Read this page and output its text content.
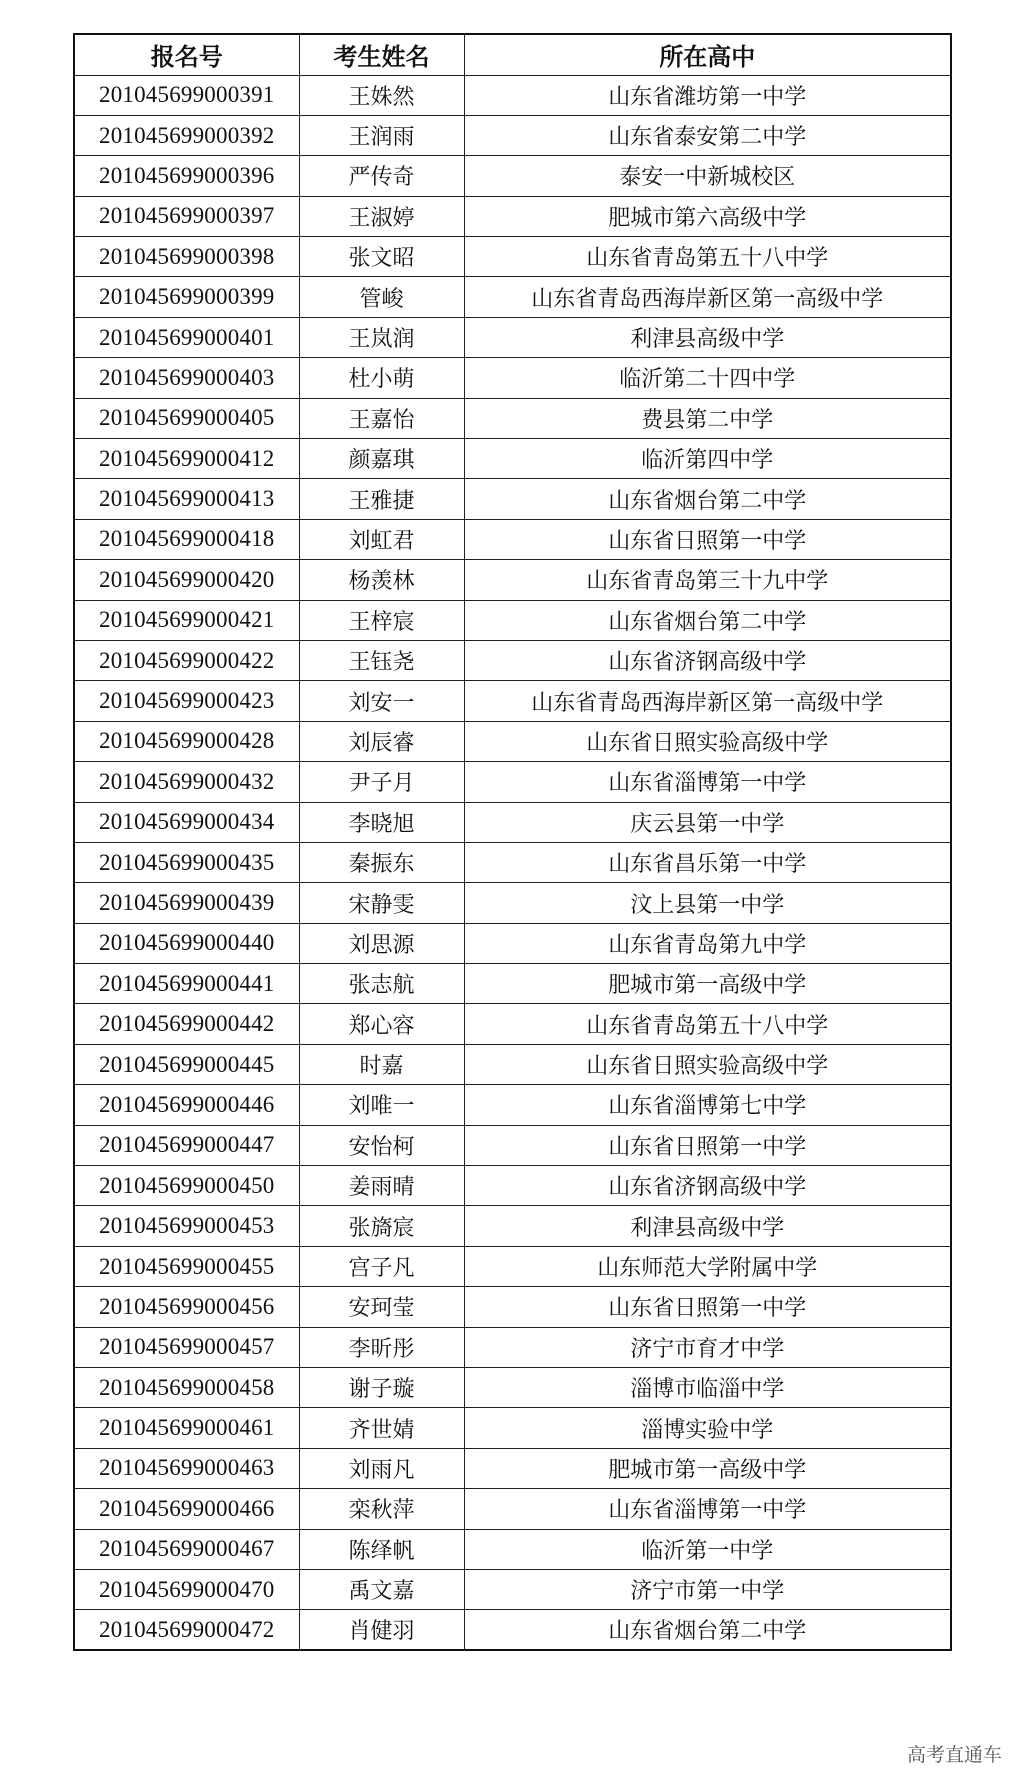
报名号	考生姓名	所在高中
201045699000391	王姝然	山东省潍坊第一中学
201045699000392	王润雨	山东省泰安第二中学
201045699000396	严传奇	泰安一中新城校区
201045699000397	王淑婷	肥城市第六高级中学
201045699000398	张文昭	山东省青岛第五十八中学
201045699000399	管峻	山东省青岛西海岸新区第一高级中学
201045699000401	王岚润	利津县高级中学
201045699000403	杜小萌	临沂第二十四中学
201045699000405	王嘉怡	费县第二中学
201045699000412	颜嘉琪	临沂第四中学
201045699000413	王雅捷	山东省烟台第二中学
201045699000418	刘虹君	山东省日照第一中学
201045699000420	杨羡林	山东省青岛第三十九中学
201045699000421	王梓宸	山东省烟台第二中学
201045699000422	王钰尧	山东省济钢高级中学
201045699000423	刘安一	山东省青岛西海岸新区第一高级中学
201045699000428	刘辰睿	山东省日照实验高级中学
201045699000432	尹子月	山东省淄博第一中学
201045699000434	李晓旭	庆云县第一中学
201045699000435	秦振东	山东省昌乐第一中学
201045699000439	宋静雯	汶上县第一中学
201045699000440	刘思源	山东省青岛第九中学
201045699000441	张志航	肥城市第一高级中学
201045699000442	郑心容	山东省青岛第五十八中学
201045699000445	时嘉	山东省日照实验高级中学
201045699000446	刘唯一	山东省淄博第七中学
201045699000447	安怡柯	山东省日照第一中学
201045699000450	姜雨晴	山东省济钢高级中学
201045699000453	张旖宸	利津县高级中学
201045699000455	宫子凡	山东师范大学附属中学
201045699000456	安珂莹	山东省日照第一中学
201045699000457	李昕彤	济宁市育才中学
201045699000458	谢子璇	淄博市临淄中学
201045699000461	齐世婧	淄博实验中学
201045699000463	刘雨凡	肥城市第一高级中学
201045699000466	栾秋萍	山东省淄博第一中学
201045699000467	陈绎帆	临沂第一中学
201045699000470	禹文嘉	济宁市第一中学
201045699000472	肖健羽	山东省烟台第二中学
高考直通车
